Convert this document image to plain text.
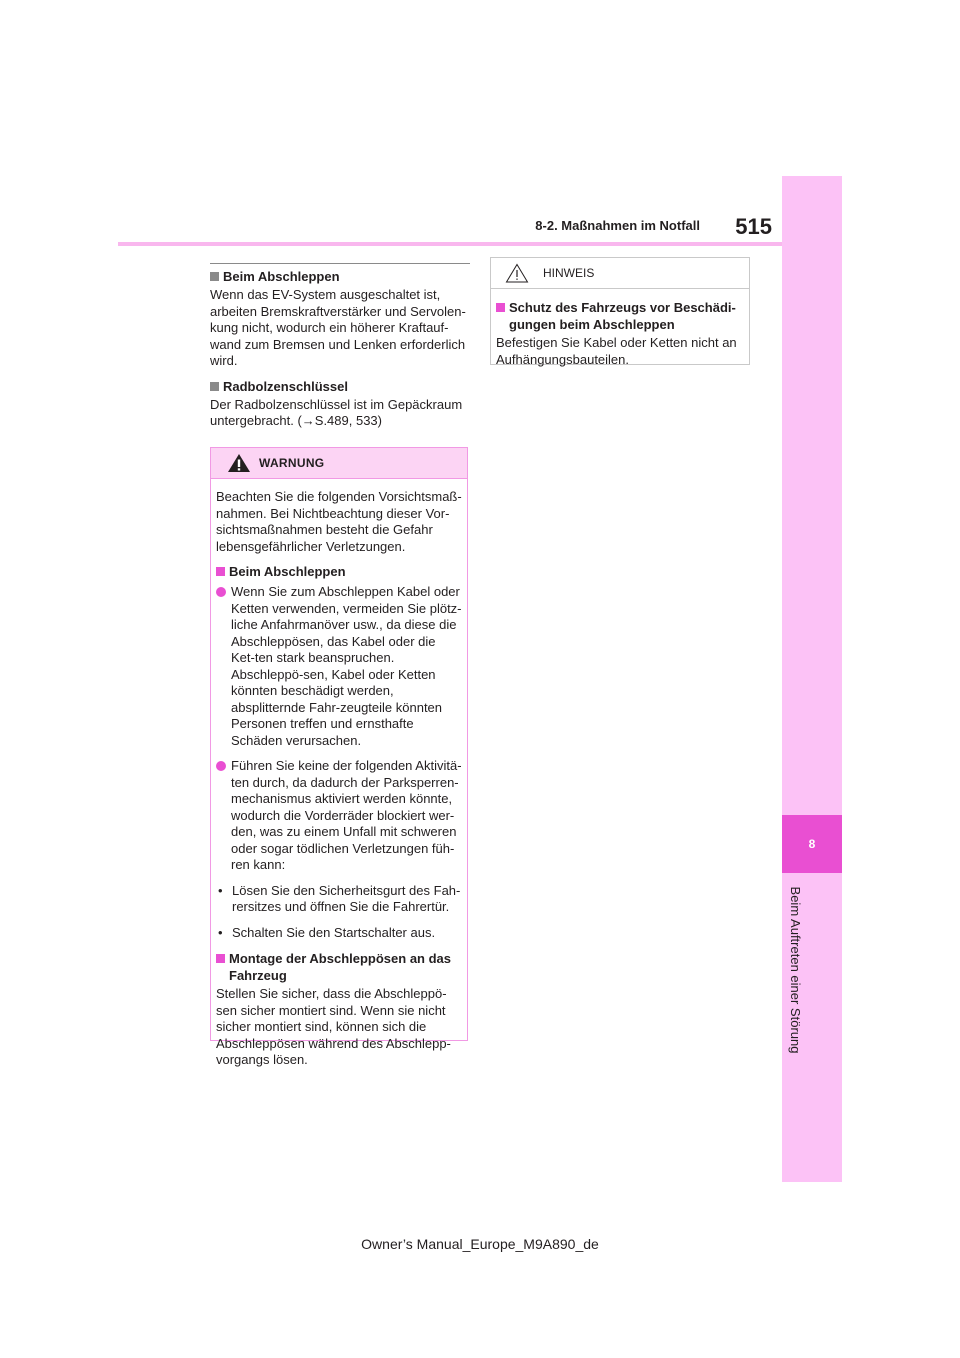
8-2. Maßnahmen im Notfall	515
8
Beim Auftreten einer Störung
Beim Abschleppen
Wenn das EV-System ausgeschaltet ist, arbeiten Bremskraftverstärker und Servolen-kung nicht, wodurch ein höherer Kraftauf-wand zum Bremsen und Lenken erforderlich wird.
Radbolzenschlüssel
Der Radbolzenschlüssel ist im Gepäckraum untergebracht. (→S.489, 533)
WARNUNG
Beachten Sie die folgenden Vorsichtsmaß-nahmen. Bei Nichtbeachtung dieser Vor-sichtsmaßnahmen besteht die Gefahr lebensgefährlicher Verletzungen.
Beim Abschleppen
Wenn Sie zum Abschleppen Kabel oder Ketten verwenden, vermeiden Sie plötz-liche Anfahrmanöver usw., da diese die Abschleppösen, das Kabel oder die Ket-ten stark beanspruchen. Abschleppö-sen, Kabel oder Ketten könnten beschädigt werden, absplitternde Fahr-zeugteile könnten Personen treffen und ernsthafte Schäden verursachen.
Führen Sie keine der folgenden Aktivitä-ten durch, da dadurch der Parksperren-mechanismus aktiviert werden könnte, wodurch die Vorderräder blockiert wer-den, was zu einem Unfall mit schweren oder sogar tödlichen Verletzungen füh-ren kann:
• Lösen Sie den Sicherheitsgurt des Fah-rersitzes und öffnen Sie die Fahrertür.
• Schalten Sie den Startschalter aus.
Montage der Abschleppösen an das Fahrzeug
Stellen Sie sicher, dass die Abschleppö-sen sicher montiert sind. Wenn sie nicht sicher montiert sind, können sich die Abschleppösen während des Abschlepp-vorgangs lösen.
HINWEIS
Schutz des Fahrzeugs vor Beschädi-gungen beim Abschleppen
Befestigen Sie Kabel oder Ketten nicht an Aufhängungsbauteilen.
Owner’s Manual_Europe_M9A890_de
